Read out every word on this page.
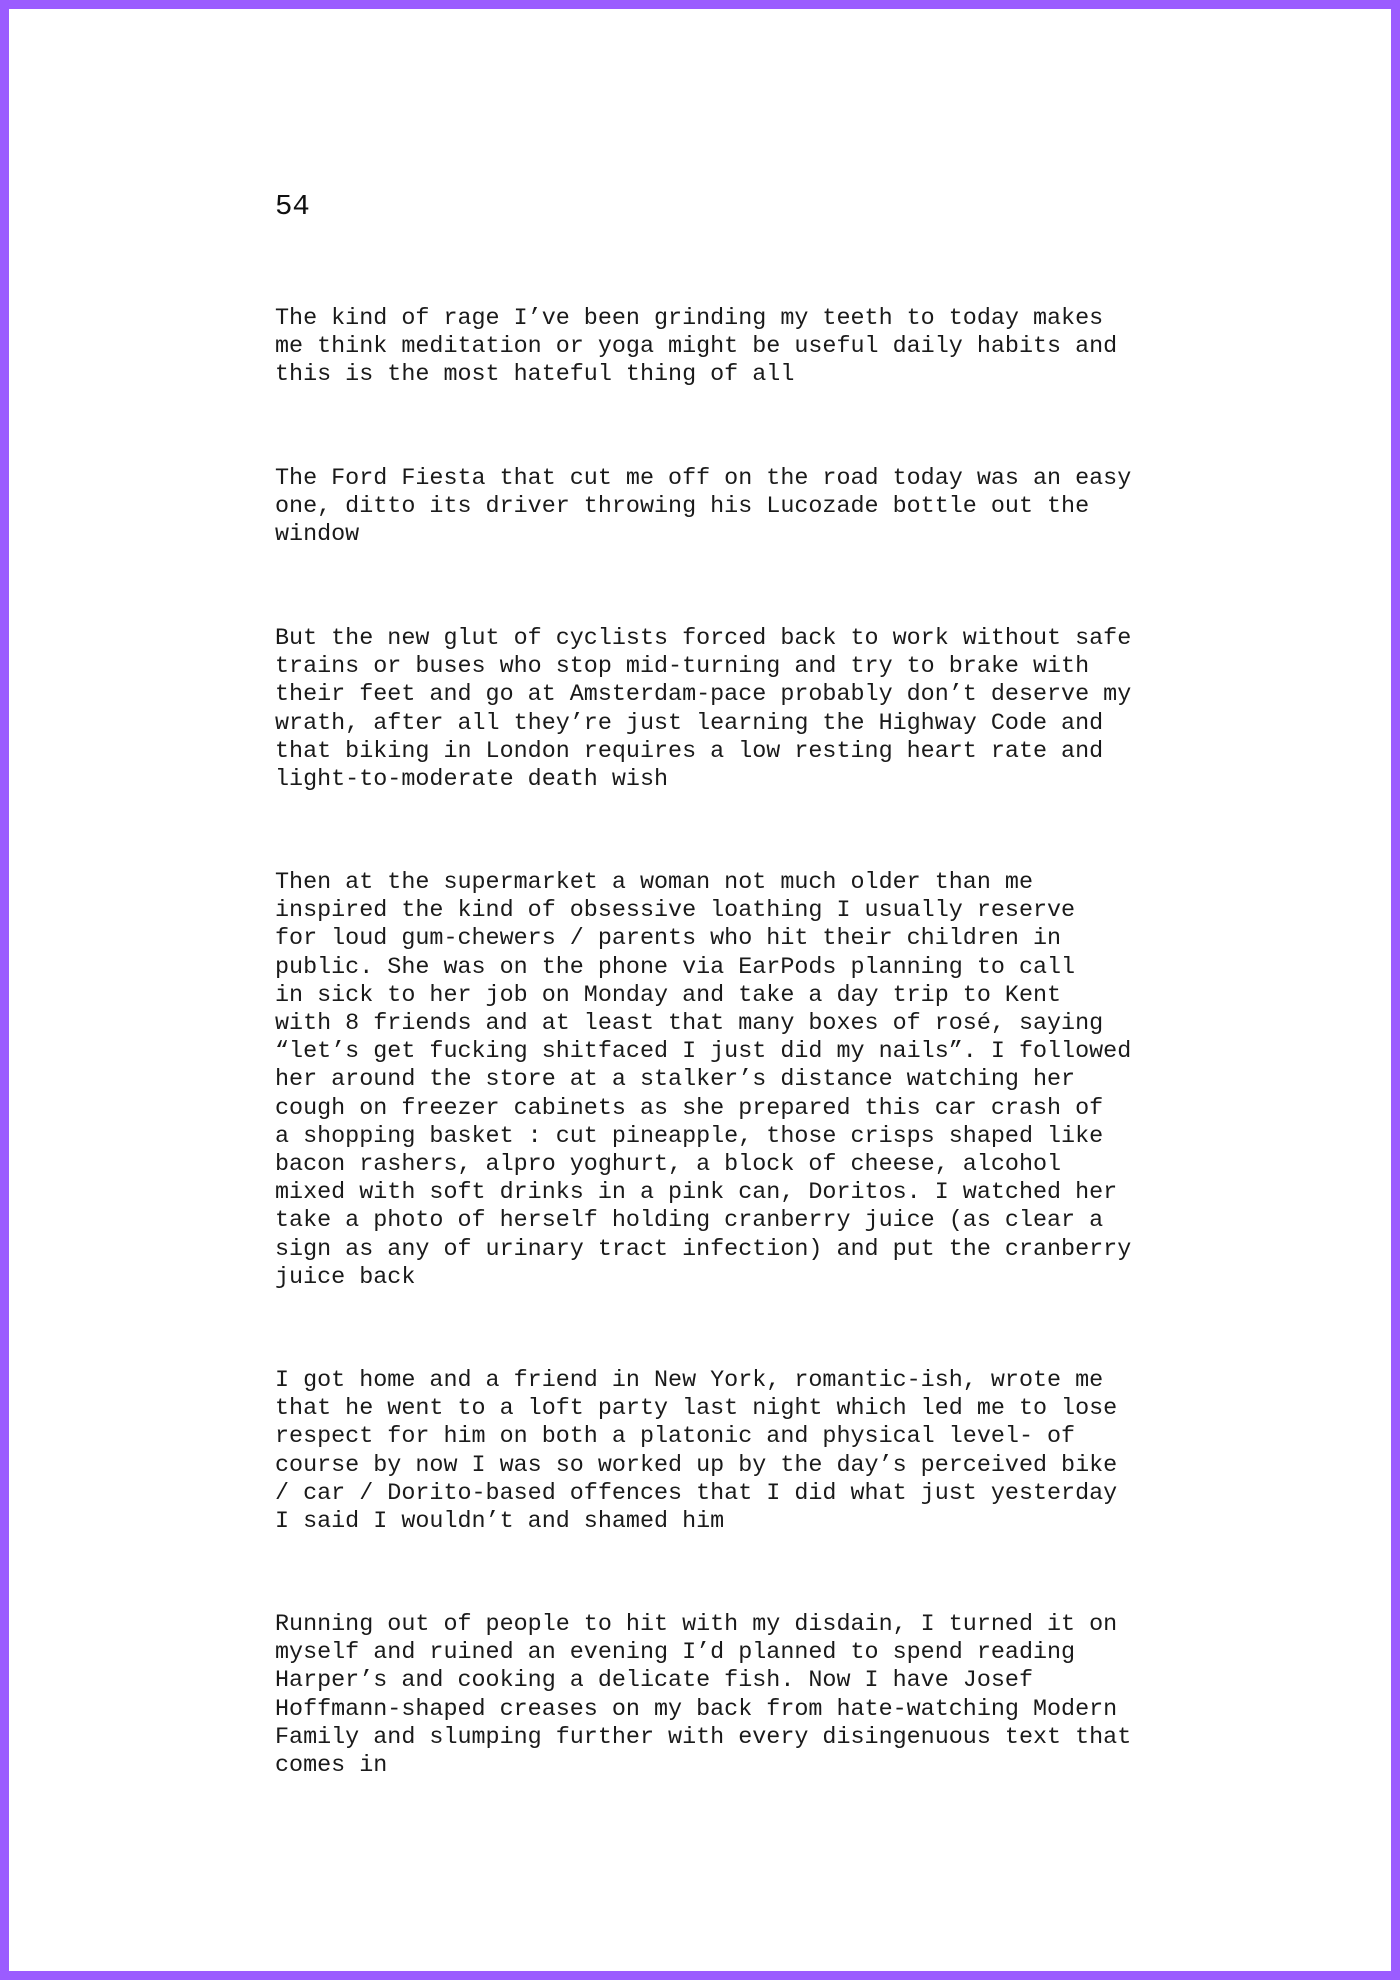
54

The kind of rage I’ve been grinding my teeth to today makes
me think meditation or yoga might be useful daily habits and
this is the most hateful thing of all

The Ford Fiesta that cut me off on the road today was an easy
one, ditto its driver throwing his Lucozade bottle out the
window

But the new glut of cyclists forced back to work without safe
trains or buses who stop mid-turning and try to brake with
their feet and go at Amsterdam-pace probably don’t deserve my
wrath, after all they’re just learning the Highway Code and
that biking in London requires a low resting heart rate and
light-to-moderate death wish

Then at the supermarket a woman not much older than me
inspired the kind of obsessive loathing I usually reserve
for loud gum-chewers / parents who hit their children in
public. She was on the phone via EarPods planning to call
in sick to her job on Monday and take a day trip to Kent
with 8 friends and at least that many boxes of rosé, saying
“let’s get fucking shitfaced I just did my nails”. I followed
her around the store at a stalker’s distance watching her
cough on freezer cabinets as she prepared this car crash of
a shopping basket : cut pineapple, those crisps shaped like
bacon rashers, alpro yoghurt, a block of cheese, alcohol
mixed with soft drinks in a pink can, Doritos. I watched her
take a photo of herself holding cranberry juice (as clear a
sign as any of urinary tract infection) and put the cranberry
juice back

I got home and a friend in New York, romantic-ish, wrote me
that he went to a loft party last night which led me to lose
respect for him on both a platonic and physical level- of
course by now I was so worked up by the day’s perceived bike
/ car / Dorito-based offences that I did what just yesterday
I said I wouldn’t and shamed him

Running out of people to hit with my disdain, I turned it on
myself and ruined an evening I’d planned to spend reading
Harper’s and cooking a delicate fish. Now I have Josef
Hoffmann-shaped creases on my back from hate-watching Modern
Family and slumping further with every disingenuous text that
comes in
